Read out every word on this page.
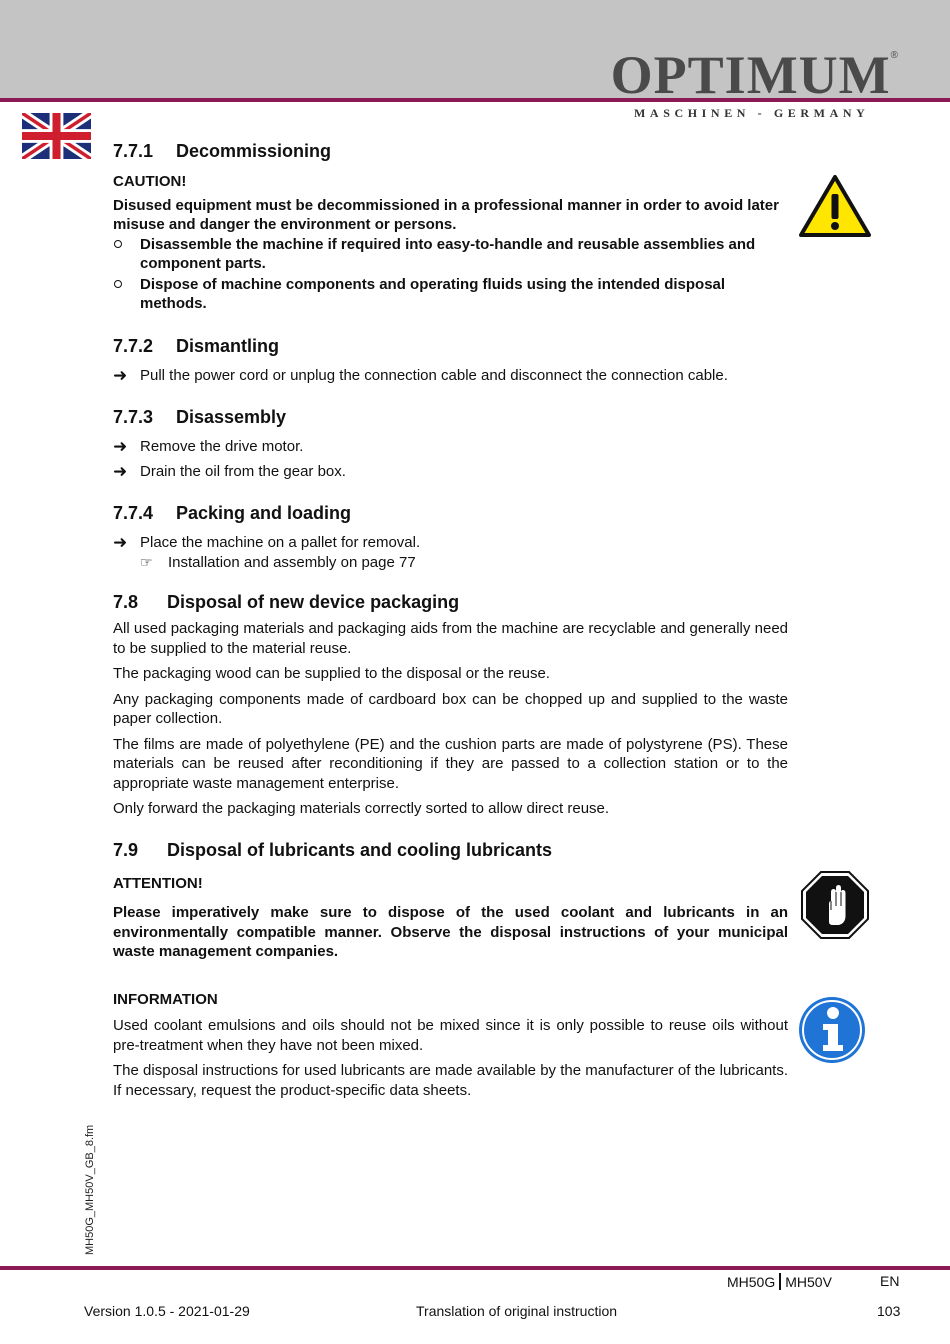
OPTIMUM®
MASCHINEN - GERMANY
7.7.1 Decommissioning

CAUTION!

Disused equipment must be decommissioned in a professional manner in order to avoid later misuse and danger the environment or persons.

Disassemble the machine if required into easy-to-handle and reusable assemblies and component parts.
Dispose of machine components and operating fluids using the intended disposal methods.
7.7.2 Dismantling
➜ Pull the power cord or unplug the connection cable and disconnect the connection cable.
7.7.3 Disassembly
➜ Remove the drive motor.
➜ Drain the oil from the gear box.
7.7.4 Packing and loading
➜ Place the machine on a pallet for removal.
☞ Installation and assembly on page 77
7.8 Disposal of new device packaging

All used packaging materials and packaging aids from the machine are recyclable and generally need to be supplied to the material reuse.

The packaging wood can be supplied to the disposal or the reuse.

Any packaging components made of cardboard box can be chopped up and supplied to the waste paper collection.

The films are made of polyethylene (PE) and the cushion parts are made of polystyrene (PS). These materials can be reused after reconditioning if they are passed to a collection station or to the appropriate waste management enterprise.

Only forward the packaging materials correctly sorted to allow direct reuse.

7.9 Disposal of lubricants and cooling lubricants

ATTENTION!

Please imperatively make sure to dispose of the used coolant and lubricants in an environmentally compatible manner. Observe the disposal instructions of your municipal waste management companies.

INFORMATION

Used coolant emulsions and oils should not be mixed since it is only possible to reuse oils without pre-treatment when they have not been mixed.

The disposal instructions for used lubricants are made available by the manufacturer of the lubricants. If necessary, request the product-specific data sheets.

MH50G_MH50V_GB_8.fm
MH50G MH50V	EN
Version 1.0.5 - 2021-01-29	Translation of original instruction	103
